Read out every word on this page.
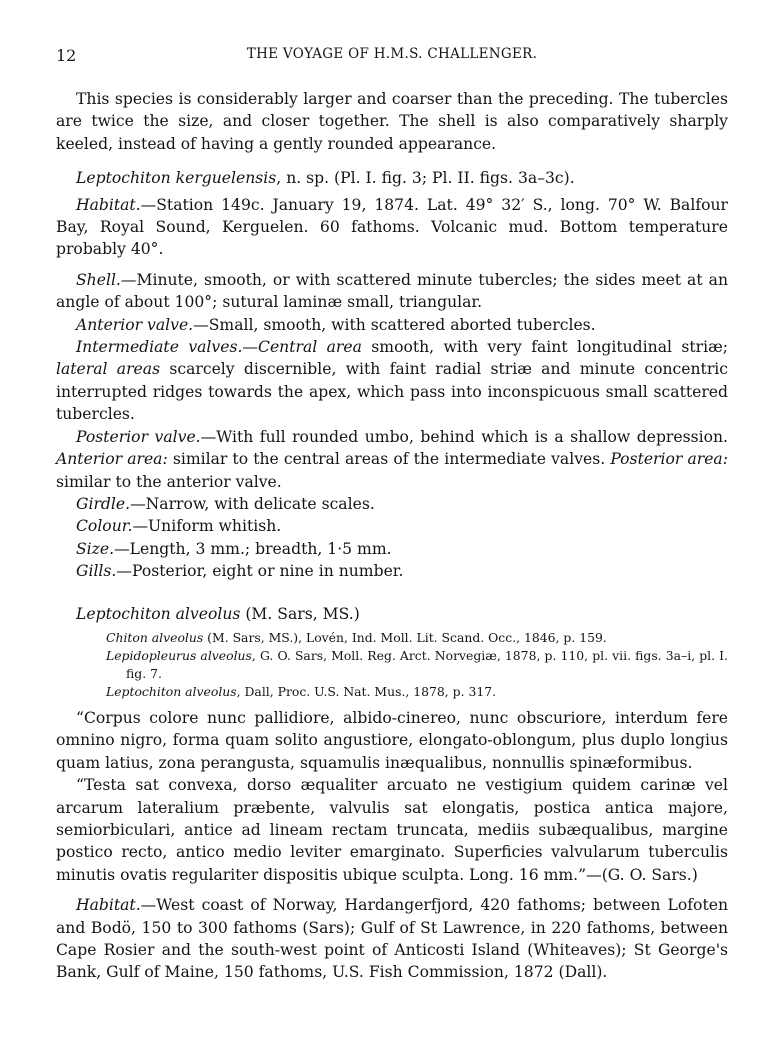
12	THE VOYAGE OF H.M.S. CHALLENGER.

This species is considerably larger and coarser than the preceding. The tubercles are twice the size, and closer together. The shell is also comparatively sharply keeled, instead of having a gently rounded appearance.

Leptochiton kerguelensis, n. sp. (Pl. I. fig. 3; Pl. II. figs. 3a–3c).

Habitat.—Station 149c. January 19, 1874. Lat. 49° 32′ S., long. 70° W. Balfour Bay, Royal Sound, Kerguelen. 60 fathoms. Volcanic mud. Bottom temperature probably 40°.

Shell.—Minute, smooth, or with scattered minute tubercles; the sides meet at an angle of about 100°; sutural laminæ small, triangular.

Anterior valve.—Small, smooth, with scattered aborted tubercles.

Intermediate valves.—Central area smooth, with very faint longitudinal striæ; lateral areas scarcely discernible, with faint radial striæ and minute concentric interrupted ridges towards the apex, which pass into inconspicuous small scattered tubercles.

Posterior valve.—With full rounded umbo, behind which is a shallow depression. Anterior area: similar to the central areas of the intermediate valves. Posterior area: similar to the anterior valve.

Girdle.—Narrow, with delicate scales.

Colour.—Uniform whitish.

Size.—Length, 3 mm.; breadth, 1·5 mm.

Gills.—Posterior, eight or nine in number.

Leptochiton alveolus (M. Sars, MS.)

Chiton alveolus (M. Sars, MS.), Lovén, Ind. Moll. Lit. Scand. Occ., 1846, p. 159.

Lepidopleurus alveolus, G. O. Sars, Moll. Reg. Arct. Norvegiæ, 1878, p. 110, pl. vii. figs. 3a–i, pl. I. fig. 7.

Leptochiton alveolus, Dall, Proc. U.S. Nat. Mus., 1878, p. 317.

“Corpus colore nunc pallidiore, albido-cinereo, nunc obscuriore, interdum fere omnino nigro, forma quam solito angustiore, elongato-oblongum, plus duplo longius quam latius, zona perangusta, squamulis inæqualibus, nonnullis spinæformibus.

“Testa sat convexa, dorso æqualiter arcuato ne vestigium quidem carinæ vel arcarum lateralium præbente, valvulis sat elongatis, postica antica majore, semiorbiculari, antice ad lineam rectam truncata, mediis subæqualibus, margine postico recto, antico medio leviter emarginato. Superficies valvularum tuberculis minutis ovatis regulariter dispositis ubique sculpta. Long. 16 mm.”—(G. O. Sars.)

Habitat.—West coast of Norway, Hardangerfjord, 420 fathoms; between Lofoten and Bodö, 150 to 300 fathoms (Sars); Gulf of St Lawrence, in 220 fathoms, between Cape Rosier and the south-west point of Anticosti Island (Whiteaves); St George's Bank, Gulf of Maine, 150 fathoms, U.S. Fish Commission, 1872 (Dall).
